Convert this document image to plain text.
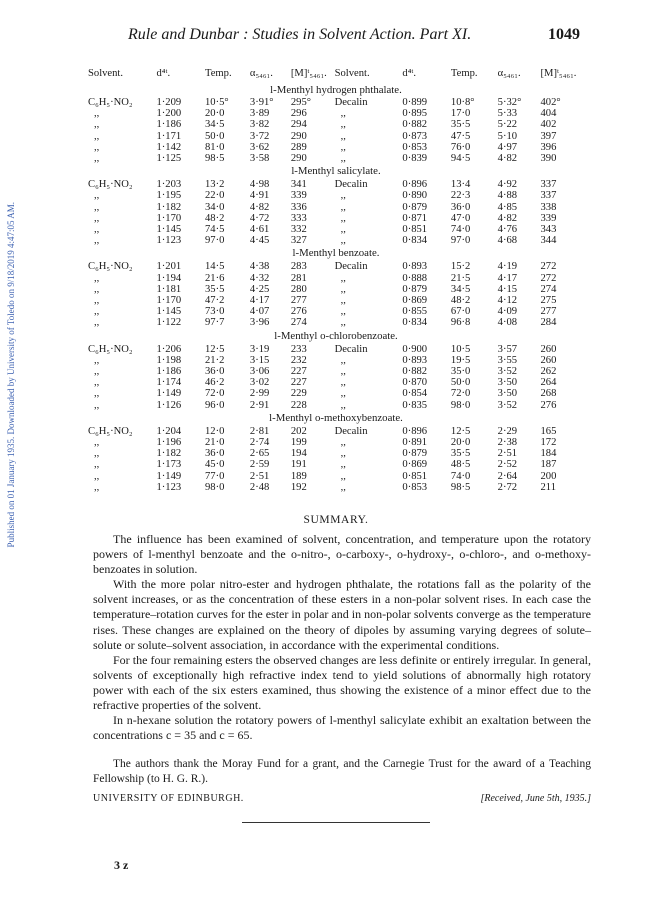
Published on 01 January 1935. Downloaded by University of Toledo on 9/18/2019 4:47:05 AM.
Rule and Dunbar : Studies in Solvent Action. Part XI.	1049
Solvent.	d⁴ᵗ.	Temp.	α₅₄₆₁.	[M]ᵗ₅₄₆₁.	Solvent.	d⁴ᵗ.	Temp.	α₅₄₆₁.	[M]ᵗ₅₄₆₁.
l-Menthyl hydrogen phthalate.									
C₆H₅·NO₂	1·209	10·5°	3·91°	295°	Decalin	0·899	10·8°	5·32°	402°
,,	1·200	20·0	3·89	296	,,	0·895	17·0	5·33	404
,,	1·186	34·5	3·82	294	,,	0·882	35·5	5·22	402
,,	1·171	50·0	3·72	290	,,	0·873	47·5	5·10	397
,,	1·142	81·0	3·62	289	,,	0·853	76·0	4·97	396
,,	1·125	98·5	3·58	290	,,	0·839	94·5	4·82	390
l-Menthyl salicylate.									
C₆H₅·NO₂	1·203	13·2	4·98	341	Decalin	0·896	13·4	4·92	337
,,	1·195	22·0	4·91	339	,,	0·890	22·3	4·88	337
,,	1·182	34·0	4·82	336	,,	0·879	36·0	4·85	338
,,	1·170	48·2	4·72	333	,,	0·871	47·0	4·82	339
,,	1·145	74·5	4·61	332	,,	0·851	74·0	4·76	343
,,	1·123	97·0	4·45	327	,,	0·834	97·0	4·68	344
l-Menthyl benzoate.									
C₆H₅·NO₂	1·201	14·5	4·38	283	Decalin	0·893	15·2	4·19	272
,,	1·194	21·6	4·32	281	,,	0·888	21·5	4·17	272
,,	1·181	35·5	4·25	280	,,	0·879	34·5	4·15	274
,,	1·170	47·2	4·17	277	,,	0·869	48·2	4·12	275
,,	1·145	73·0	4·07	276	,,	0·855	67·0	4·09	277
,,	1·122	97·7	3·96	274	,,	0·834	96·8	4·08	284
l-Menthyl o-chlorobenzoate.									
C₆H₅·NO₂	1·206	12·5	3·19	233	Decalin	0·900	10·5	3·57	260
,,	1·198	21·2	3·15	232	,,	0·893	19·5	3·55	260
,,	1·186	36·0	3·06	227	,,	0·882	35·0	3·52	262
,,	1·174	46·2	3·02	227	,,	0·870	50·0	3·50	264
,,	1·149	72·0	2·99	229	,,	0·854	72·0	3·50	268
,,	1·126	96·0	2·91	228	,,	0·835	98·0	3·52	276
l-Menthyl o-methoxybenzoate.									
C₆H₅·NO₂	1·204	12·0	2·81	202	Decalin	0·896	12·5	2·29	165
,,	1·196	21·0	2·74	199	,,	0·891	20·0	2·38	172
,,	1·182	36·0	2·65	194	,,	0·879	35·5	2·51	184
,,	1·173	45·0	2·59	191	,,	0·869	48·5	2·52	187
,,	1·149	77·0	2·51	189	,,	0·851	74·0	2·64	200
,,	1·123	98·0	2·48	192	,,	0·853	98·5	2·72	211
SUMMARY.

The influence has been examined of solvent, concentration, and temperature upon the rotatory powers of l-menthyl benzoate and the o-nitro-, o-carboxy-, o-hydroxy-, o-chloro-, and o-methoxy-benzoates in solution.

With the more polar nitro-ester and hydrogen phthalate, the rotations fall as the polarity of the solvent increases, or as the concentration of these esters in a non-polar solvent rises. In each case the temperature–rotation curves for the ester in polar and in non-polar solvents converge as the temperature rises. These changes are explained on the theory of dipoles by assuming varying degrees of solute–solute or solute–solvent association, in accordance with the experimental conditions.

For the four remaining esters the observed changes are less definite or entirely irregular. In general, solvents of exceptionally high refractive index tend to yield solutions of abnormally high rotatory power with each of the six esters examined, thus showing the existence of a minor effect due to the refractive properties of the solvent.

In n-hexane solution the rotatory powers of l-menthyl salicylate exhibit an exaltation between the concentrations c = 35 and c = 65.

The authors thank the Moray Fund for a grant, and the Carnegie Trust for the award of a Teaching Fellowship (to H. G. R.).

UNIVERSITY OF EDINBURGH.	[Received, June 5th, 1935.]
3 z
